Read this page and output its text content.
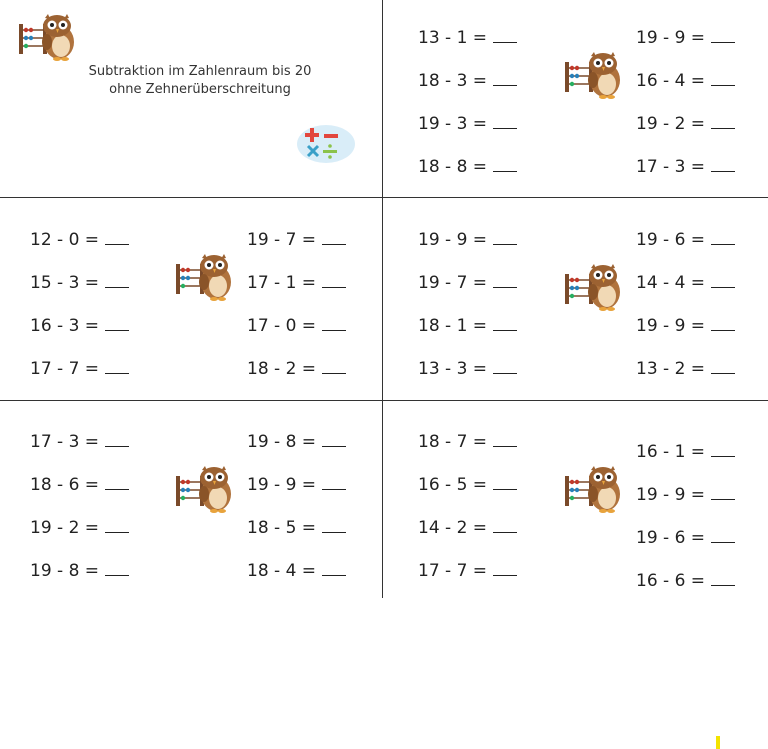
Subtraktion im Zahlenraum bis 20
ohne Zehnerüberschreitung
13 - 1 =
18 - 3 =
19 - 3 =
18 - 8 =
19 - 9 =
16 - 4 =
19 - 2 =
17 - 3 =
12 - 0 =
15 - 3 =
16 - 3 =
17 - 7 =
19 - 7 =
17 - 1 =
17 - 0 =
18 - 2 =
19 - 9 =
19 - 7 =
18 - 1 =
13 - 3 =
19 - 6 =
14 - 4 =
19 - 9 =
13 - 2 =
17 - 3 =
18 - 6 =
19 - 2 =
19 - 8 =
19 - 8 =
19 - 9 =
18 - 5 =
18 - 4 =
18 - 7 =
16 - 5 =
14 - 2 =
17 - 7 =
16 - 1 =
19 - 9 =
19 - 6 =
16 - 6 =
